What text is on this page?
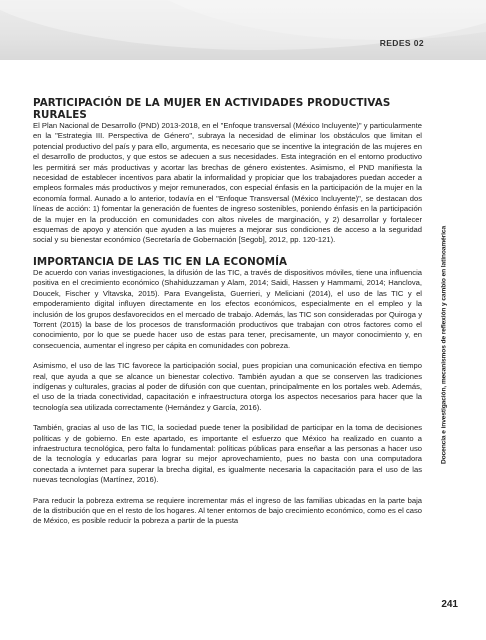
REDES 02
PARTICIPACIÓN DE LA MUJER EN ACTIVIDADES PRODUCTIVAS RURALES

El Plan Nacional de Desarrollo (PND) 2013-2018, en el "Enfoque transversal (México Incluyente)" y particularmente en la "Estrategia III. Perspectiva de Género", subraya la necesidad de eliminar los obstáculos que limitan el potencial productivo del país y para ello, argumenta, es necesario que se incentive la integración de las mujeres en el desarrollo de productos, y que estos se adecuen a sus necesidades. Esta integración en el entorno productivo les permitirá ser más productivas y acortar las brechas de género existentes. Asimismo, el PND manifiesta la necesidad de establecer incentivos para abatir la informalidad y propiciar que los trabajadores puedan acceder a empleos formales más productivos y mejor remunerados, con especial énfasis en la participación de la mujer en la economía formal. Aunado a lo anterior, todavía en el "Enfoque Transversal (México Incluyente)", se destacan dos líneas de acción: 1) fomentar la generación de fuentes de ingreso sostenibles, poniendo énfasis en la participación de la mujer en la producción en comunidades con altos niveles de marginación, y 2) desarrollar y fortalecer esquemas de apoyo y atención que ayuden a las mujeres a mejorar sus condiciones de acceso a la seguridad social y su bienestar económico (Secretaría de Gobernación [Segob], 2012, pp. 120-121).

IMPORTANCIA DE LAS TIC EN LA ECONOMÍA

De acuerdo con varias investigaciones, la difusión de las TIC, a través de dispositivos móviles, tiene una influencia positiva en el crecimiento económico (Shahiduzzaman y Alam, 2014; Saidi, Hassen y Hammami, 2014; Hanclova, Doucek, Fischer y Vltavska, 2015). Para Evangelista, Guerrieri, y Meliciani (2014), el uso de las TIC y el empoderamiento digital influyen directamente en los efectos económicos, especialmente en el empleo y la inclusión de los grupos desfavorecidos en el mercado de trabajo. Además, las TIC son consideradas por Quiroga y Torrent (2015) la base de los procesos de transformación productivos que trabajan con otros factores como el conocimiento, por lo que se puede hacer uso de estas para tener, precisamente, un mayor conocimiento y, en consecuencia, aumentar el ingreso per cápita en comunidades con pobreza.

Asimismo, el uso de las TIC favorece la participación social, pues propician una comunicación efectiva en tiempo real, que ayuda a que se alcance un bienestar colectivo. También ayudan a que se conserven las tradiciones indígenas y culturales, gracias al poder de difusión con que cuentan, principalmente en los portales web. Además, el uso de la triada conectividad, capacitación e infraestructura otorga los aspectos necesarios para hacer que la tecnología sea utilizada correctamente (Hernández y García, 2016).

También, gracias al uso de las TIC, la sociedad puede tener la posibilidad de participar en la toma de decisiones políticas y de gobierno. En este apartado, es importante el esfuerzo que México ha realizado en cuanto a infraestructura tecnológica, pero falta lo fundamental: políticas públicas para enseñar a las personas a hacer uso de la tecnología y educarlas para lograr su mejor aprovechamiento, pues no basta con una computadora conectada a ivnternet para superar la brecha digital, es igualmente necesaria la capacitación para el uso de las nuevas tecnologías (Martínez, 2016).

Para reducir la pobreza extrema se requiere incrementar más el ingreso de las familias ubicadas en la parte baja de la distribución que en el resto de los hogares. Al tener entornos de bajo crecimiento económico, como es el caso de México, es posible reducir la pobreza a partir de la puesta

Docencia e investigación, mecanismos de reflexión y cambio en latinoamérica
241
